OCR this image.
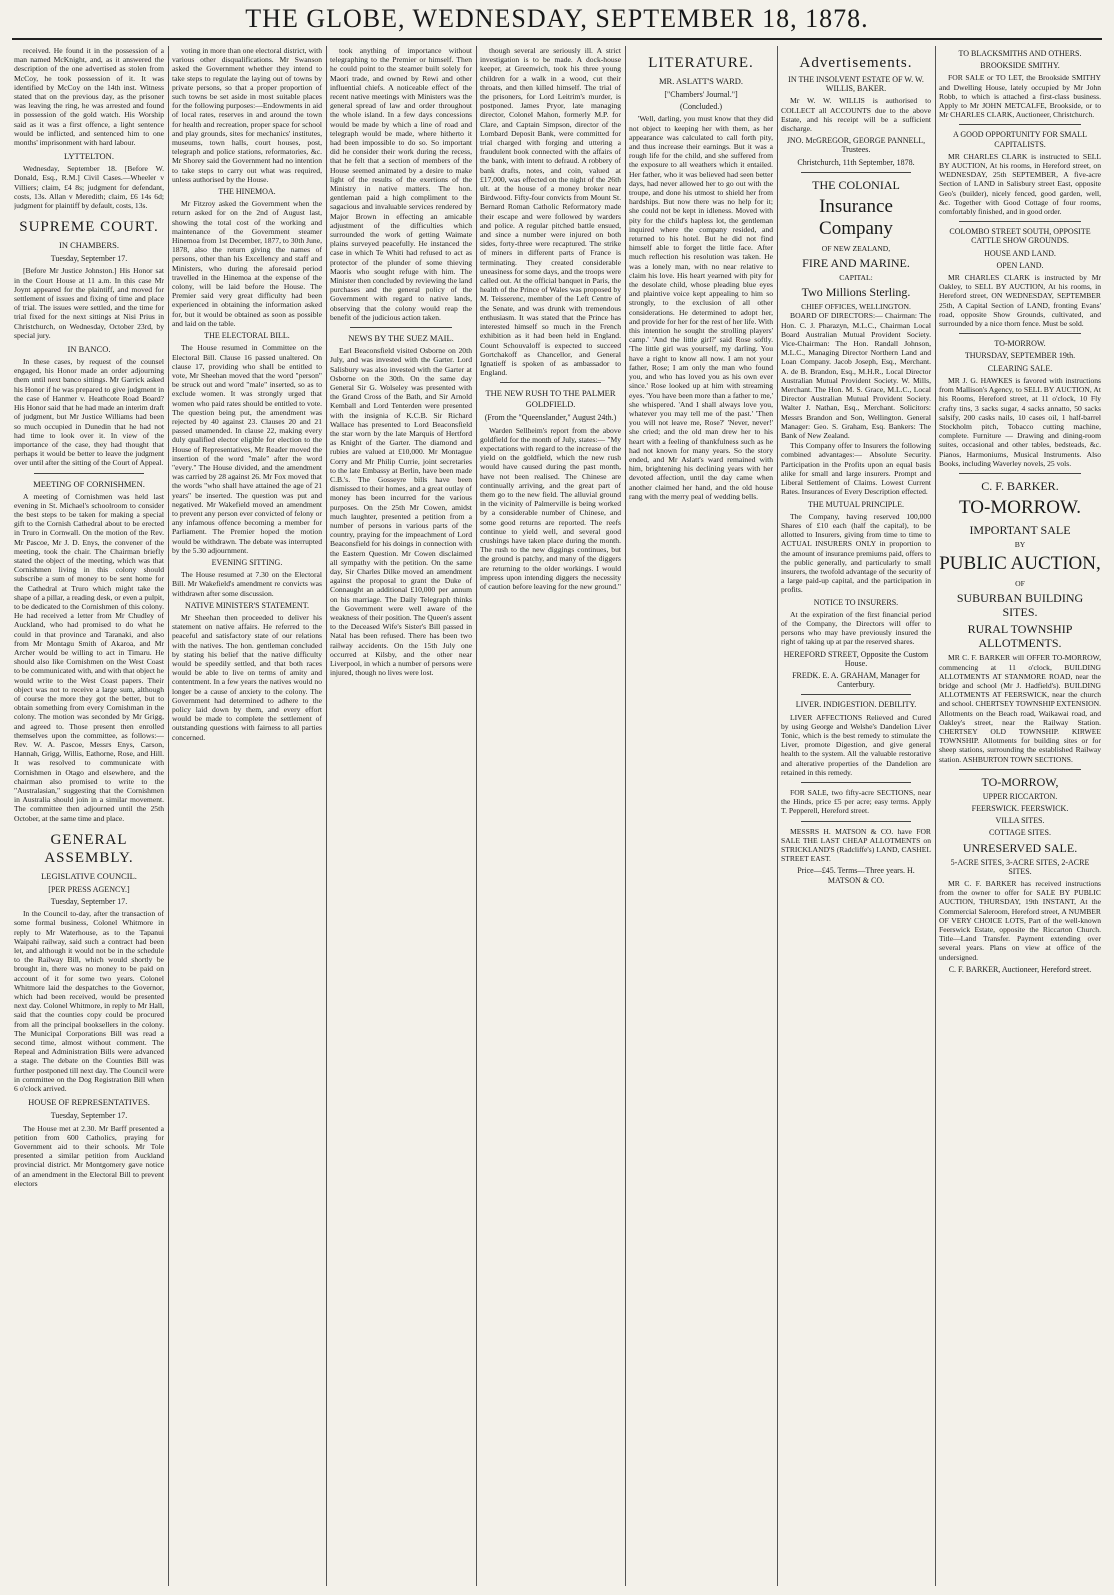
THE GLOBE, WEDNESDAY, SEPTEMBER 18, 1878.

received. He found it in the possession of a man named McKnight, and, as it answered the description of the one advertised as stolen from McCoy, he took possession of it. It was identified by McCoy on the 14th inst. Witness stated that on the previous day, as the prisoner was leaving the ring, he was arrested and found in possession of the gold watch. His Worship said as it was a first offence, a light sentence would be inflicted, and sentenced him to one months' imprisonment with hard labour.

LYTTELTON.

Wednesday, September 18. [Before W. Donald, Esq., R.M.] Civil Cases.—Wheeler v Villiers; claim, £4 8s; judgment for defendant, costs, 13s. Allan v Meredith; claim, £6 14s 6d; judgment for plaintiff by default, costs, 13s.

SUPREME COURT.
IN CHAMBERS.
Tuesday, September 17.

[Before Mr Justice Johnston.] His Honor sat in the Court House at 11 a.m. In this case Mr Joynt appeared for the plaintiff, and moved for settlement of issues and fixing of time and place of trial. The issues were settled, and the time for trial fixed for the next sittings at Nisi Prius in Christchurch, on Wednesday, October 23rd, by special jury.

IN BANCO.

In these cases, by request of the counsel engaged, his Honor made an order adjourning them until next banco sittings. Mr Garrick asked his Honor if he was prepared to give judgment in the case of Hanmer v. Heathcote Road Board? His Honor said that he had made an interim draft of judgment, but Mr Justice Williams had been so much occupied in Dunedin that he had not had time to look over it. In view of the importance of the case, they had thought that perhaps it would be better to leave the judgment over until after the sitting of the Court of Appeal.

MEETING OF CORNISHMEN.

A meeting of Cornishmen was held last evening in St. Michael's schoolroom to consider the best steps to be taken for making a special gift to the Cornish Cathedral about to be erected in Truro in Cornwall. On the motion of the Rev. Mr Pascoe, Mr J. D. Enys, the convener of the meeting, took the chair. The Chairman briefly stated the object of the meeting, which was that Cornishmen living in this colony should subscribe a sum of money to be sent home for the Cathedral at Truro which might take the shape of a pillar, a reading desk, or even a pulpit, to be dedicated to the Cornishmen of this colony. He had received a letter from Mr Chudley of Auckland, who had promised to do what he could in that province and Taranaki, and also from Mr Montagu Smith of Akaroa, and Mr Archer would be willing to act in Timaru. He should also like Cornishmen on the West Coast to be communicated with, and with that object he would write to the West Coast papers. Their object was not to receive a large sum, although of course the more they got the better, but to obtain something from every Cornishman in the colony. The motion was seconded by Mr Grigg, and agreed to. Those present then enrolled themselves upon the committee, as follows:—Rev. W. A. Pascoe, Messrs Enys, Carson, Hannah, Grigg, Willis, Eathorne, Rose, and Hill. It was resolved to communicate with Cornishmen in Otago and elsewhere, and the chairman also promised to write to the "Australasian," suggesting that the Cornishmen in Australia should join in a similar movement. The committee then adjourned until the 25th October, at the same time and place.

GENERAL ASSEMBLY.
LEGISLATIVE COUNCIL.
[PER PRESS AGENCY.]
Tuesday, September 17.

In the Council to-day, after the transaction of some formal business, Colonel Whitmore in reply to Mr Waterhouse, as to the Tapanui Waipahi railway, said such a contract had been let, and although it would not be in the schedule to the Railway Bill, which would shortly be brought in, there was no money to be paid on account of it for some two years. Colonel Whitmore laid the despatches to the Governor, which had been received, would be presented next day. Colonel Whitmore, in reply to Mr Hall, said that the counties copy could be procured from all the principal booksellers in the colony. The Municipal Corporations Bill was read a second time, almost without comment. The Repeal and Administration Bills were advanced a stage. The debate on the Counties Bill was further postponed till next day. The Council were in committee on the Dog Registration Bill when 6 o'clock arrived.

HOUSE OF REPRESENTATIVES.
Tuesday, September 17.

The House met at 2.30. Mr Barff presented a petition from 600 Catholics, praying for Government aid to their schools. Mr Tole presented a similar petition from Auckland provincial district. Mr Montgomery gave notice of an amendment in the Electoral Bill to prevent electors

voting in more than one electoral district, with various other disqualifications. Mr Swanson asked the Government whether they intend to take steps to regulate the laying out of towns by private persons, so that a proper proportion of such towns be set aside in most suitable places for the following purposes:—Endowments in aid of local rates, reserves in and around the town for health and recreation, proper space for school and play grounds, sites for mechanics' institutes, museums, town halls, court houses, post, telegraph and police stations, reformatories, &c. Mr Shorey said the Government had no intention to take steps to carry out what was required, unless authorised by the House.

THE HINEMOA.

Mr Fitzroy asked the Government when the return asked for on the 2nd of August last, showing the total cost of the working and maintenance of the Government steamer Hinemoa from 1st December, 1877, to 30th June, 1878, also the return giving the names of persons, other than his Excellency and staff and Ministers, who during the aforesaid period travelled in the Hinemoa at the expense of the colony, will be laid before the House. The Premier said very great difficulty had been experienced in obtaining the information asked for, but it would be obtained as soon as possible and laid on the table.

THE ELECTORAL BILL.

The House resumed in Committee on the Electoral Bill. Clause 16 passed unaltered. On clause 17, providing who shall be entitled to vote, Mr Sheehan moved that the word "person" be struck out and word "male" inserted, so as to exclude women. It was strongly urged that women who paid rates should be entitled to vote. The question being put, the amendment was rejected by 40 against 23. Clauses 20 and 21 passed unamended. In clause 22, making every duly qualified elector eligible for election to the House of Representatives, Mr Reader moved the insertion of the word "male" after the word "every." The House divided, and the amendment was carried by 28 against 26. Mr Fox moved that the words "who shall have attained the age of 21 years" be inserted. The question was put and negatived. Mr Wakefield moved an amendment to prevent any person ever convicted of felony or any infamous offence becoming a member for Parliament. The Premier hoped the motion would be withdrawn. The debate was interrupted by the 5.30 adjournment.

EVENING SITTING.

The House resumed at 7.30 on the Electoral Bill. Mr Wakefield's amendment re convicts was withdrawn after some discussion.

NATIVE MINISTER'S STATEMENT.

Mr Sheehan then proceeded to deliver his statement on native affairs. He referred to the peaceful and satisfactory state of our relations with the natives. The hon. gentleman concluded by stating his belief that the native difficulty would be speedily settled, and that both races would be able to live on terms of amity and contentment. In a few years the natives would no longer be a cause of anxiety to the colony. The Government had determined to adhere to the policy laid down by them, and every effort would be made to complete the settlement of outstanding questions with fairness to all parties concerned.

took anything of importance without telegraphing to the Premier or himself. Then he could point to the steamer built solely for Maori trade, and owned by Rewi and other influential chiefs. A noticeable effect of the recent native meetings with Ministers was the general spread of law and order throughout the whole island. In a few days concessions would be made by which a line of road and telegraph would be made, where hitherto it had been impossible to do so. So important did he consider their work during the recess, that he felt that a section of members of the House seemed animated by a desire to make light of the results of the exertions of the Ministry in native matters. The hon. gentleman paid a high compliment to the sagacious and invaluable services rendered by Major Brown in effecting an amicable adjustment of the difficulties which surrounded the work of getting Waimate plains surveyed peacefully. He instanced the case in which Te Whiti had refused to act as protector of the plunder of some thieving Maoris who sought refuge with him. The Minister then concluded by reviewing the land purchases and the general policy of the Government with regard to native lands, observing that the colony would reap the benefit of the judicious action taken.

NEWS BY THE SUEZ MAIL.

Earl Beaconsfield visited Osborne on 20th July, and was invested with the Garter. Lord Salisbury was also invested with the Garter at Osborne on the 30th. On the same day General Sir G. Wolseley was presented with the Grand Cross of the Bath, and Sir Arnold Kemball and Lord Tenterden were presented with the insignia of K.C.B. Sir Richard Wallace has presented to Lord Beaconsfield the star worn by the late Marquis of Hertford as Knight of the Garter. The diamond and rubies are valued at £10,000. Mr Montague Corry and Mr Philip Currie, joint secretaries to the late Embassy at Berlin, have been made C.B.'s. The Gosseyre bills have been dismissed to their homes, and a great outlay of money has been incurred for the various purposes. On the 25th Mr Cowen, amidst much laughter, presented a petition from a number of persons in various parts of the country, praying for the impeachment of Lord Beaconsfield for his doings in connection with the Eastern Question. Mr Cowen disclaimed all sympathy with the petition. On the same day, Sir Charles Dilke moved an amendment against the proposal to grant the Duke of Connaught an additional £10,000 per annum on his marriage. The Daily Telegraph thinks the Government were well aware of the weakness of their position. The Queen's assent to the Deceased Wife's Sister's Bill passed in Natal has been refused. There has been two railway accidents. On the 15th July one occurred at Kilsby, and the other near Liverpool, in which a number of persons were injured, though no lives were lost.

though several are seriously ill. A strict investigation is to be made. A dock-house keeper, at Greenwich, took his three young children for a walk in a wood, cut their throats, and then killed himself. The trial of the prisoners, for Lord Leitrim's murder, is postponed. James Pryor, late managing director, Colonel Mahon, formerly M.P. for Clare, and Captain Simpson, director of the Lombard Deposit Bank, were committed for trial charged with forging and uttering a fraudulent book connected with the affairs of the bank, with intent to defraud. A robbery of bank drafts, notes, and coin, valued at £17,000, was effected on the night of the 26th ult. at the house of a money broker near Birdwood. Fifty-four convicts from Mount St. Bernard Roman Catholic Reformatory made their escape and were followed by warders and police. A regular pitched battle ensued, and since a number were injured on both sides, forty-three were recaptured. The strike of miners in different parts of France is terminating. They created considerable uneasiness for some days, and the troops were called out. At the official banquet in Paris, the health of the Prince of Wales was proposed by M. Teisserenc, member of the Left Centre of the Senate, and was drunk with tremendous enthusiasm. It was stated that the Prince has interested himself so much in the French exhibition as it had been held in England. Count Schouvaloff is expected to succeed Gortchakoff as Chancellor, and General Ignatieff is spoken of as ambassador to England.

THE NEW RUSH TO THE PALMER GOLDFIELD.
(From the "Queenslander," August 24th.)

Warden Sellheim's report from the above goldfield for the month of July, states:— "My expectations with regard to the increase of the yield on the goldfield, which the new rush would have caused during the past month, have not been realised. The Chinese are continually arriving, and the great part of them go to the new field. The alluvial ground in the vicinity of Palmerville is being worked by a considerable number of Chinese, and some good returns are reported. The reefs continue to yield well, and several good crushings have taken place during the month. The rush to the new diggings continues, but the ground is patchy, and many of the diggers are returning to the older workings. I would impress upon intending diggers the necessity of caution before leaving for the new ground."

LITERATURE.
MR. ASLATT'S WARD.
["Chambers' Journal."]
(Concluded.)

'Well, darling, you must know that they did not object to keeping her with them, as her appearance was calculated to call forth pity, and thus increase their earnings. But it was a rough life for the child, and she suffered from the exposure to all weathers which it entailed. Her father, who it was believed had seen better days, had never allowed her to go out with the troupe, and done his utmost to shield her from hardships. But now there was no help for it; she could not be kept in idleness. Moved with pity for the child's hapless lot, the gentleman inquired where the company resided, and returned to his hotel. But he did not find himself able to forget the little face. After much reflection his resolution was taken. He was a lonely man, with no near relative to claim his love. His heart yearned with pity for the desolate child, whose pleading blue eyes and plaintive voice kept appealing to him so strongly, to the exclusion of all other considerations. He determined to adopt her, and provide for her for the rest of her life. With this intention he sought the strolling players' camp.' 'And the little girl?' said Rose softly. 'The little girl was yourself, my darling. You have a right to know all now. I am not your father, Rose; I am only the man who found you, and who has loved you as his own ever since.' Rose looked up at him with streaming eyes. 'You have been more than a father to me,' she whispered. 'And I shall always love you, whatever you may tell me of the past.' 'Then you will not leave me, Rose?' 'Never, never!' she cried; and the old man drew her to his heart with a feeling of thankfulness such as he had not known for many years. So the story ended, and Mr Aslatt's ward remained with him, brightening his declining years with her devoted affection, until the day came when another claimed her hand, and the old house rang with the merry peal of wedding bells.

Advertisements.
IN THE INSOLVENT ESTATE OF W. W. WILLIS, BAKER.

Mr W. W. WILLIS is authorised to COLLECT all ACCOUNTS due to the above Estate, and his receipt will be a sufficient discharge.

JNO. McGREGOR, GEORGE PANNELL, Trustees.
Christchurch, 11th September, 1878.
THE COLONIAL
Insurance Company
OF NEW ZEALAND,
FIRE AND MARINE.
CAPITAL:
Two Millions Sterling.
CHIEF OFFICES, WELLINGTON.

BOARD OF DIRECTORS:— Chairman: The Hon. C. J. Pharazyn, M.L.C., Chairman Local Board Australian Mutual Provident Society. Vice-Chairman: The Hon. Randall Johnson, M.L.C., Managing Director Northern Land and Loan Company. Jacob Joseph, Esq., Merchant. A. de B. Brandon, Esq., M.H.R., Local Director Australian Mutual Provident Society. W. Mills, Merchant. The Hon. M. S. Grace, M.L.C., Local Director Australian Mutual Provident Society. Walter J. Nathan, Esq., Merchant. Solicitors: Messrs Brandon and Son, Wellington. General Manager: Geo. S. Graham, Esq. Bankers: The Bank of New Zealand.

This Company offer to Insurers the following combined advantages:— Absolute Security. Participation in the Profits upon an equal basis alike for small and large insurers. Prompt and Liberal Settlement of Claims. Lowest Current Rates. Insurances of Every Description effected.

THE MUTUAL PRINCIPLE.

The Company, having reserved 100,000 Shares of £10 each (half the capital), to be allotted to Insurers, giving from time to time to ACTUAL INSURERS ONLY in proportion to the amount of insurance premiums paid, offers to the public generally, and particularly to small insurers, the twofold advantage of the security of a large paid-up capital, and the participation in profits.

NOTICE TO INSURERS.

At the expiration of the first financial period of the Company, the Directors will offer to persons who may have previously insured the right of taking up at par the reserved shares.

HEREFORD STREET, Opposite the Custom House.
FREDK. E. A. GRAHAM, Manager for Canterbury.
LIVER. INDIGESTION. DEBILITY.

LIVER AFFECTIONS Relieved and Cured by using George and Welshe's Dandelion Liver Tonic, which is the best remedy to stimulate the Liver, promote Digestion, and give general health to the system. All the valuable restorative and alterative properties of the Dandelion are retained in this remedy.

FOR SALE, two fifty-acre SECTIONS, near the Hinds, price £5 per acre; easy terms. Apply T. Pepperell, Hereford street.

MESSRS H. MATSON & CO. have FOR SALE THE LAST CHEAP ALLOTMENTS on STRICKLAND'S (Radcliffe's) LAND, CASHEL STREET EAST.

Price—£45. Terms—Three years. H. MATSON & CO.
TO BLACKSMITHS AND OTHERS.
BROOKSIDE SMITHY.

FOR SALE or TO LET, the Brookside SMITHY and Dwelling House, lately occupied by Mr John Robb, to which is attached a first-class business. Apply to Mr JOHN METCALFE, Brookside, or to Mr CHARLES CLARK, Auctioneer, Christchurch.

A GOOD OPPORTUNITY FOR SMALL CAPITALISTS.

MR CHARLES CLARK is instructed to SELL BY AUCTION, At his rooms, in Hereford street, on WEDNESDAY, 25th SEPTEMBER, A five-acre Section of LAND in Salisbury street East, opposite Geo's (builder), nicely fenced, good garden, well, &c. Together with Good Cottage of four rooms, comfortably finished, and in good order.

COLOMBO STREET SOUTH, OPPOSITE CATTLE SHOW GROUNDS.
HOUSE AND LAND.
OPEN LAND.

MR CHARLES CLARK is instructed by Mr Oakley, to SELL BY AUCTION, At his rooms, in Hereford street, ON WEDNESDAY, SEPTEMBER 25th, A Capital Section of LAND, fronting Evans' road, opposite Show Grounds, cultivated, and surrounded by a nice thorn fence. Must be sold.

TO-MORROW.
THURSDAY, SEPTEMBER 19th.
CLEARING SALE.

MR J. G. HAWKES is favored with instructions from Mallison's Agency, to SELL BY AUCTION, At his Rooms, Hereford street, at 11 o'clock, 10 Fly crafty tins, 3 sacks sugar, 4 sacks annatto, 50 sacks salsify, 200 casks nails, 10 cases oil, 1 half-barrel Stockholm pitch, Tobacco cutting machine, complete. Furniture — Drawing and dining-room suites, occasional and other tables, bedsteads, &c. Pianos, Harmoniums, Musical Instruments. Also Books, including Waverley novels, 25 vols.

C. F. BARKER.
TO-MORROW.
IMPORTANT SALE
BY
PUBLIC AUCTION,
OF
SUBURBAN BUILDING SITES.
RURAL TOWNSHIP ALLOTMENTS.

MR C. F. BARKER will OFFER TO-MORROW, commencing at 11 o'clock, BUILDING ALLOTMENTS AT STANMORE ROAD, near the bridge and school (Mr J. Hadfield's). BUILDING ALLOTMENTS AT FEERSWICK, near the church and school. CHERTSEY TOWNSHIP EXTENSION. Allotments on the Beach road, Waikawai road, and Oakley's street, near the Railway Station. CHERTSEY OLD TOWNSHIP. KIRWEE TOWNSHIP. Allotments for building sites or for sheep stations, surrounding the established Railway station. ASHBURTON TOWN SECTIONS.

TO-MORROW,
UPPER RICCARTON.
FEERSWICK. FEERSWICK.
VILLA SITES.
COTTAGE SITES.
UNRESERVED SALE.
5-ACRE SITES, 3-ACRE SITES, 2-ACRE SITES.

MR C. F. BARKER has received instructions from the owner to offer for SALE BY PUBLIC AUCTION, THURSDAY, 19th INSTANT, At the Commercial Saleroom, Hereford street, A NUMBER OF VERY CHOICE LOTS, Part of the well-known Feerswick Estate, opposite the Riccarton Church. Title—Land Transfer. Payment extending over several years. Plans on view at office of the undersigned.

C. F. BARKER, Auctioneer, Hereford street.
